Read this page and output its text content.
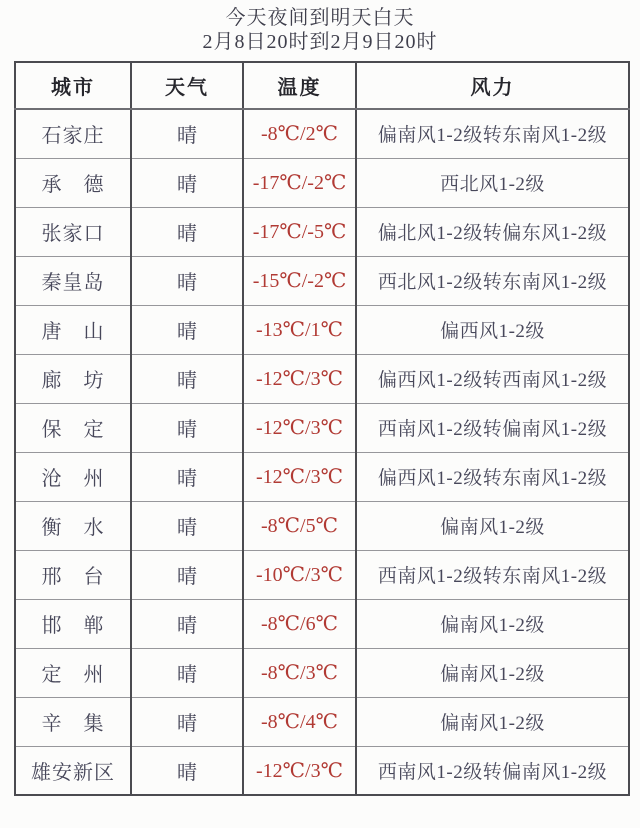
今天夜间到明天白天
2月8日20时到2月9日20时
城市	天气	温度	风力
石家庄	晴	-8℃/2℃	偏南风1-2级转东南风1-2级
承　德	晴	-17℃/-2℃	西北风1-2级
张家口	晴	-17℃/-5℃	偏北风1-2级转偏东风1-2级
秦皇岛	晴	-15℃/-2℃	西北风1-2级转东南风1-2级
唐　山	晴	-13℃/1℃	偏西风1-2级
廊　坊	晴	-12℃/3℃	偏西风1-2级转西南风1-2级
保　定	晴	-12℃/3℃	西南风1-2级转偏南风1-2级
沧　州	晴	-12℃/3℃	偏西风1-2级转东南风1-2级
衡　水	晴	-8℃/5℃	偏南风1-2级
邢　台	晴	-10℃/3℃	西南风1-2级转东南风1-2级
邯　郸	晴	-8℃/6℃	偏南风1-2级
定　州	晴	-8℃/3℃	偏南风1-2级
辛　集	晴	-8℃/4℃	偏南风1-2级
雄安新区	晴	-12℃/3℃	西南风1-2级转偏南风1-2级
